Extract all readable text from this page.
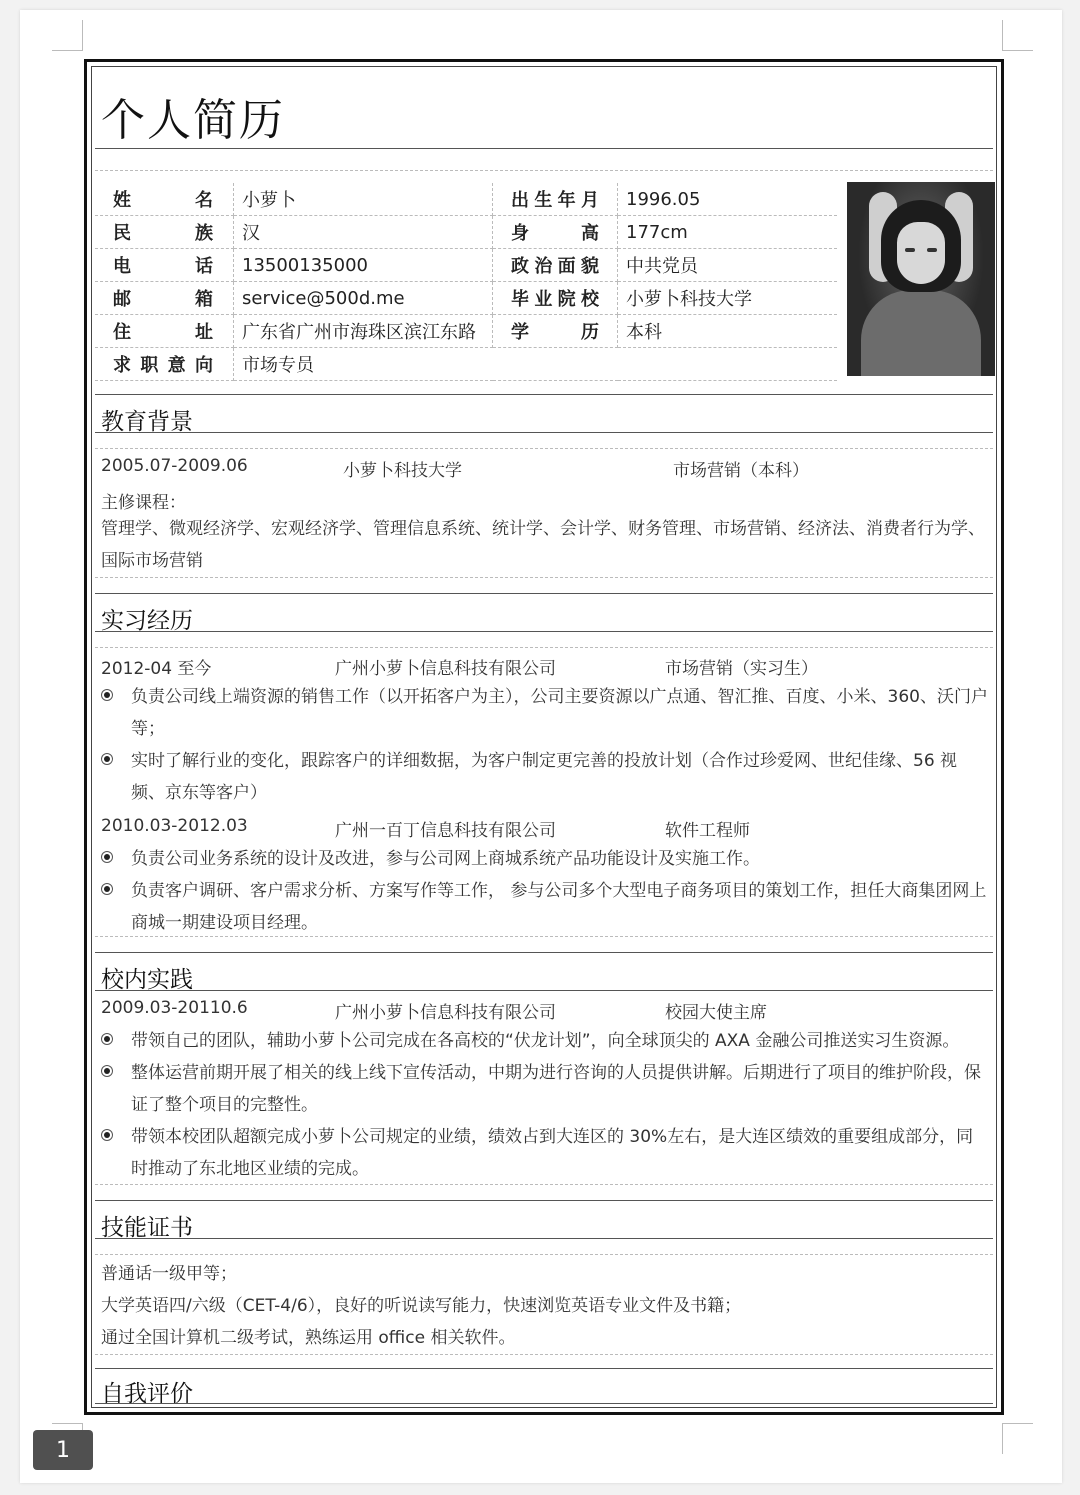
个人简历
姓名	小萝卜	出生年月	1996.05
民族	汉	身高	177cm
电话	13500135000	政治面貌	中共党员
邮箱	service@500d.me	毕业院校	小萝卜科技大学
住址	广东省广州市海珠区滨江东路	学历	本科
求职意向	市场专员		
教育背景
2005.07-2009.06	小萝卜科技大学	市场营销（本科）
主修课程：
管理学、微观经济学、宏观经济学、管理信息系统、统计学、会计学、财务管理、市场营销、经济法、消费者行为学、国际市场营销
实习经历
2012-04 至今	广州小萝卜信息科技有限公司	市场营销（实习生）
负责公司线上端资源的销售工作（以开拓客户为主），公司主要资源以广点通、智汇推、百度、小米、360、沃门户等；
实时了解行业的变化，跟踪客户的详细数据，为客户制定更完善的投放计划（合作过珍爱网、世纪佳缘、56 视频、京东等客户）
2010.03-2012.03	广州一百丁信息科技有限公司	软件工程师
负责公司业务系统的设计及改进，参与公司网上商城系统产品功能设计及实施工作。
负责客户调研、客户需求分析、方案写作等工作， 参与公司多个大型电子商务项目的策划工作，担任大商集团网上商城一期建设项目经理。
校内实践
2009.03-20110.6	广州小萝卜信息科技有限公司	校园大使主席
带领自己的团队，辅助小萝卜公司完成在各高校的“伏龙计划”，向全球顶尖的 AXA 金融公司推送实习生资源。
整体运营前期开展了相关的线上线下宣传活动，中期为进行咨询的人员提供讲解。后期进行了项目的维护阶段，保证了整个项目的完整性。
带领本校团队超额完成小萝卜公司规定的业绩，绩效占到大连区的 30%左右，是大连区绩效的重要组成部分，同时推动了东北地区业绩的完成。
技能证书
普通话一级甲等；
大学英语四/六级（CET-4/6），良好的听说读写能力，快速浏览英语专业文件及书籍；
通过全国计算机二级考试，熟练运用 office 相关软件。
自我评价
1
